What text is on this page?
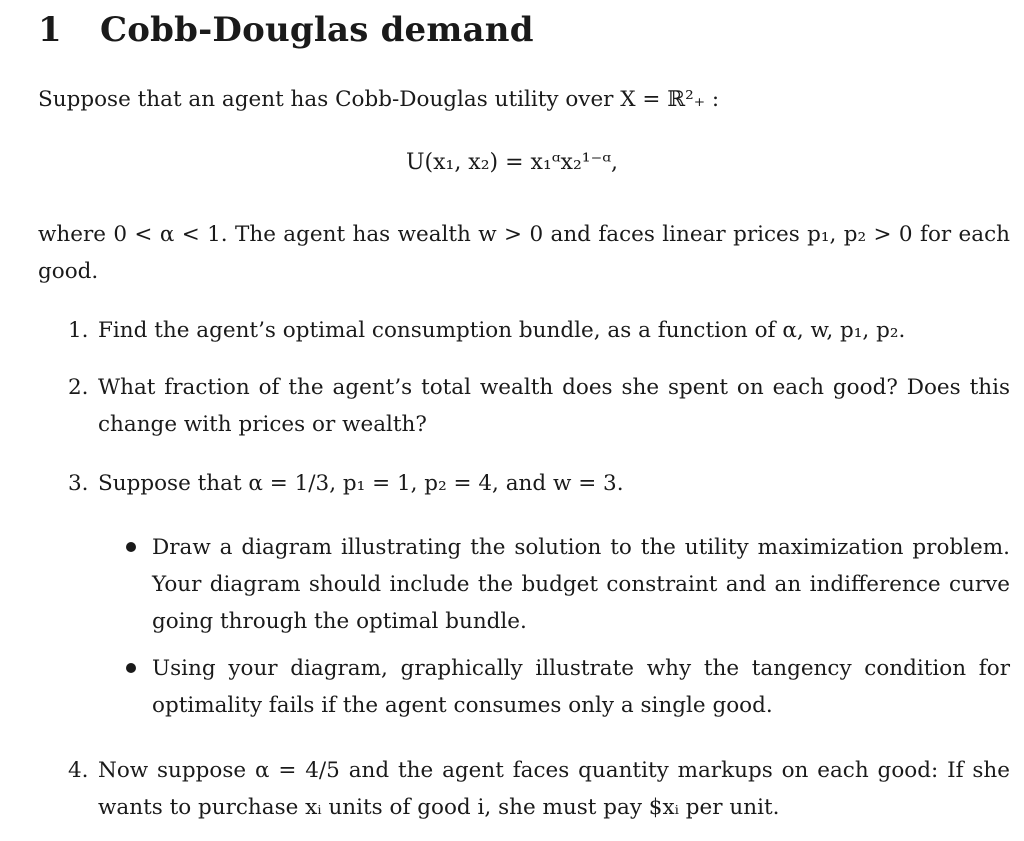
1 Cobb-Douglas demand
Suppose that an agent has Cobb-Douglas utility over X = ℝ²₊ :
U(x₁, x₂) = x₁ᵅx₂¹⁻ᵅ,
where 0 < α < 1. The agent has wealth w > 0 and faces linear prices p₁, p₂ > 0 for each good.
1. Find the agent’s optimal consumption bundle, as a function of α, w, p₁, p₂.
2. What fraction of the agent’s total wealth does she spent on each good? Does this change with prices or wealth?
3. Suppose that α = 1/3, p₁ = 1, p₂ = 4, and w = 3.
Draw a diagram illustrating the solution to the utility maximization problem. Your diagram should include the budget constraint and an indifference curve going through the optimal bundle.
Using your diagram, graphically illustrate why the tangency condition for optimality fails if the agent consumes only a single good.
4. Now suppose α = 4/5 and the agent faces quantity markups on each good: If she wants to purchase xᵢ units of good i, she must pay $xᵢ per unit.
